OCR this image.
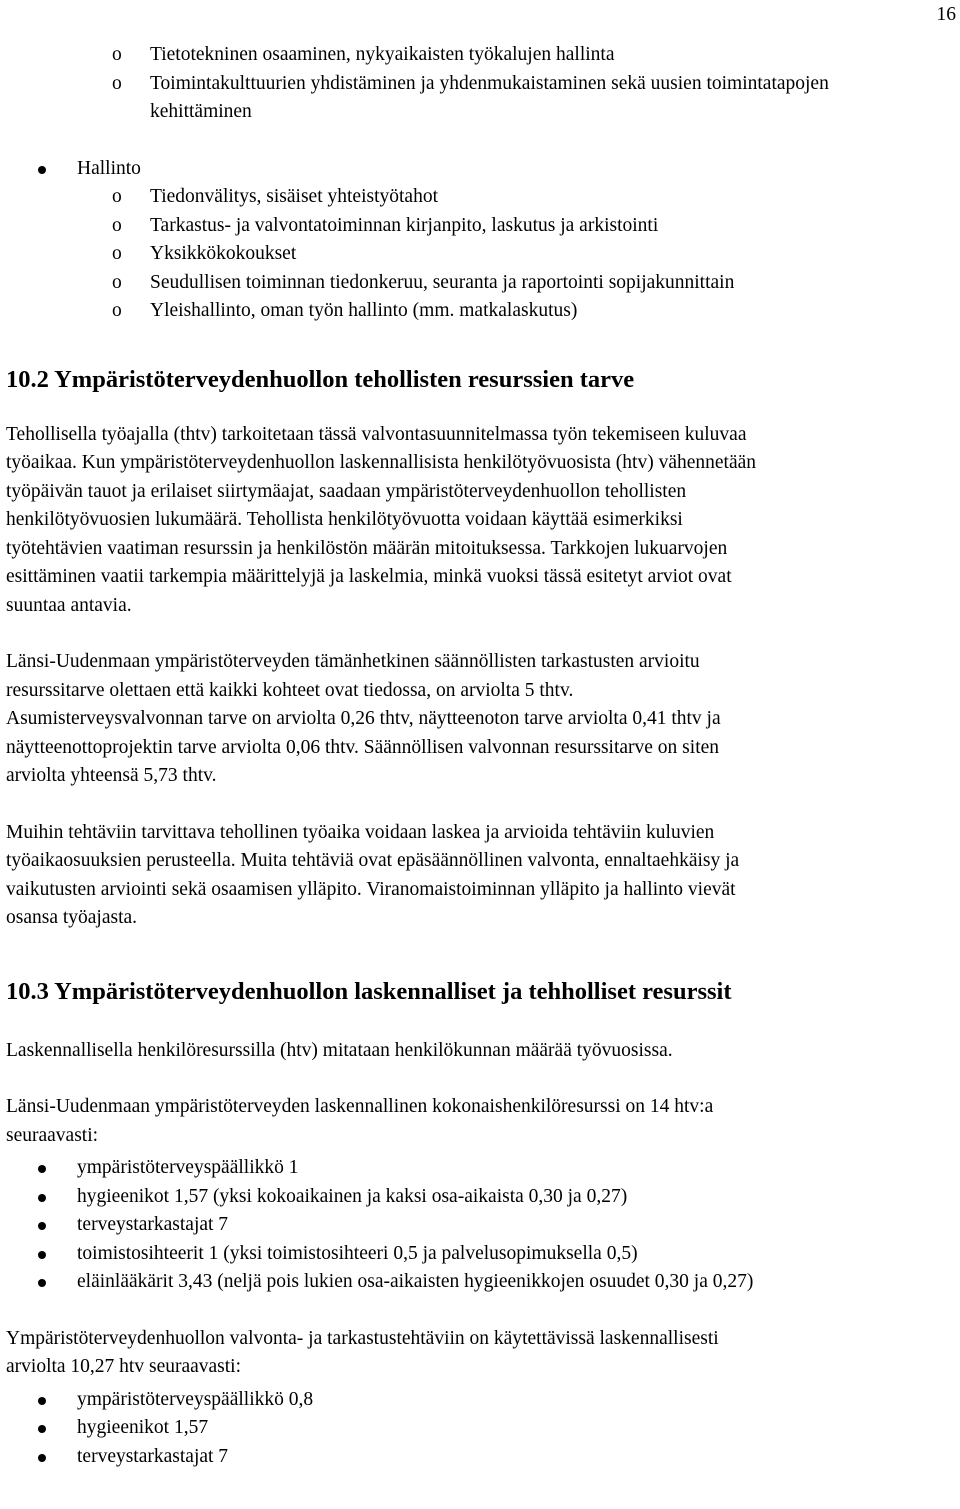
16
o Tietotekninen osaaminen, nykyaikaisten työkalujen hallinta
o Toimintakulttuurien yhdistäminen ja yhdenmukaistaminen sekä uusien toimintatapojen kehittäminen
Hallinto
o Tiedonvälitys, sisäiset yhteistyötahot
o Tarkastus- ja valvontatoiminnan kirjanpito, laskutus ja arkistointi
o Yksikkökokoukset
o Seudullisen toiminnan tiedonkeruu, seuranta ja raportointi sopijakunnittain
o Yleishallinto, oman työn hallinto (mm. matkalaskutus)
10.2 Ympäristöterveydenhuollon tehollisten resurssien tarve
Tehollisella työajalla (thtv) tarkoitetaan tässä valvontasuunnitelmassa työn tekemiseen kuluvaa
työaikaa. Kun ympäristöterveydenhuollon laskennallisista henkilötyövuosista (htv) vähennetään
työpäivän tauot ja erilaiset siirtymäajat, saadaan ympäristöterveydenhuollon tehollisten
henkilötyövuosien lukumäärä. Tehollista henkilötyövuotta voidaan käyttää esimerkiksi
työtehtävien vaatiman resurssin ja henkilöstön määrän mitoituksessa. Tarkkojen lukuarvojen
esittäminen vaatii tarkempia määrittelyjä ja laskelmia, minkä vuoksi tässä esitetyt arviot ovat
suuntaa antavia.
Länsi-Uudenmaan ympäristöterveyden tämänhetkinen säännöllisten tarkastusten arvioitu
resurssitarve olettaen että kaikki kohteet ovat tiedossa, on arviolta 5 thtv.
Asumisterveysvalvonnan tarve on arviolta 0,26 thtv, näytteenoton tarve arviolta 0,41 thtv ja
näytteenottoprojektin tarve arviolta 0,06 thtv. Säännöllisen valvonnan resurssitarve on siten
arviolta yhteensä 5,73 thtv.
Muihin tehtäviin tarvittava tehollinen työaika voidaan laskea ja arvioida tehtäviin kuluvien
työaikaosuuksien perusteella. Muita tehtäviä ovat epäsäännöllinen valvonta, ennaltaehkäisy ja
vaikutusten arviointi sekä osaamisen ylläpito. Viranomaistoiminnan ylläpito ja hallinto vievät
osansa työajasta.
10.3 Ympäristöterveydenhuollon laskennalliset ja tehholliset resurssit

Laskennallisella henkilöresurssilla (htv) mitataan henkilökunnan määrää työvuosissa.

Länsi-Uudenmaan ympäristöterveyden laskennallinen kokonaishenkilöresurssi on 14 htv:a
seuraavasti:
ympäristöterveyspäällikkö 1
hygieenikot 1,57 (yksi kokoaikainen ja kaksi osa-aikaista 0,30 ja 0,27)
terveystarkastajat 7
toimistosihteerit 1 (yksi toimistosihteeri 0,5 ja palvelusopimuksella 0,5)
eläinlääkärit 3,43 (neljä pois lukien osa-aikaisten hygieenikkojen osuudet 0,30 ja 0,27)
Ympäristöterveydenhuollon valvonta- ja tarkastustehtäviin on käytettävissä laskennallisesti
arviolta 10,27 htv seuraavasti:
ympäristöterveyspäällikkö 0,8
hygieenikot 1,57
terveystarkastajat 7
